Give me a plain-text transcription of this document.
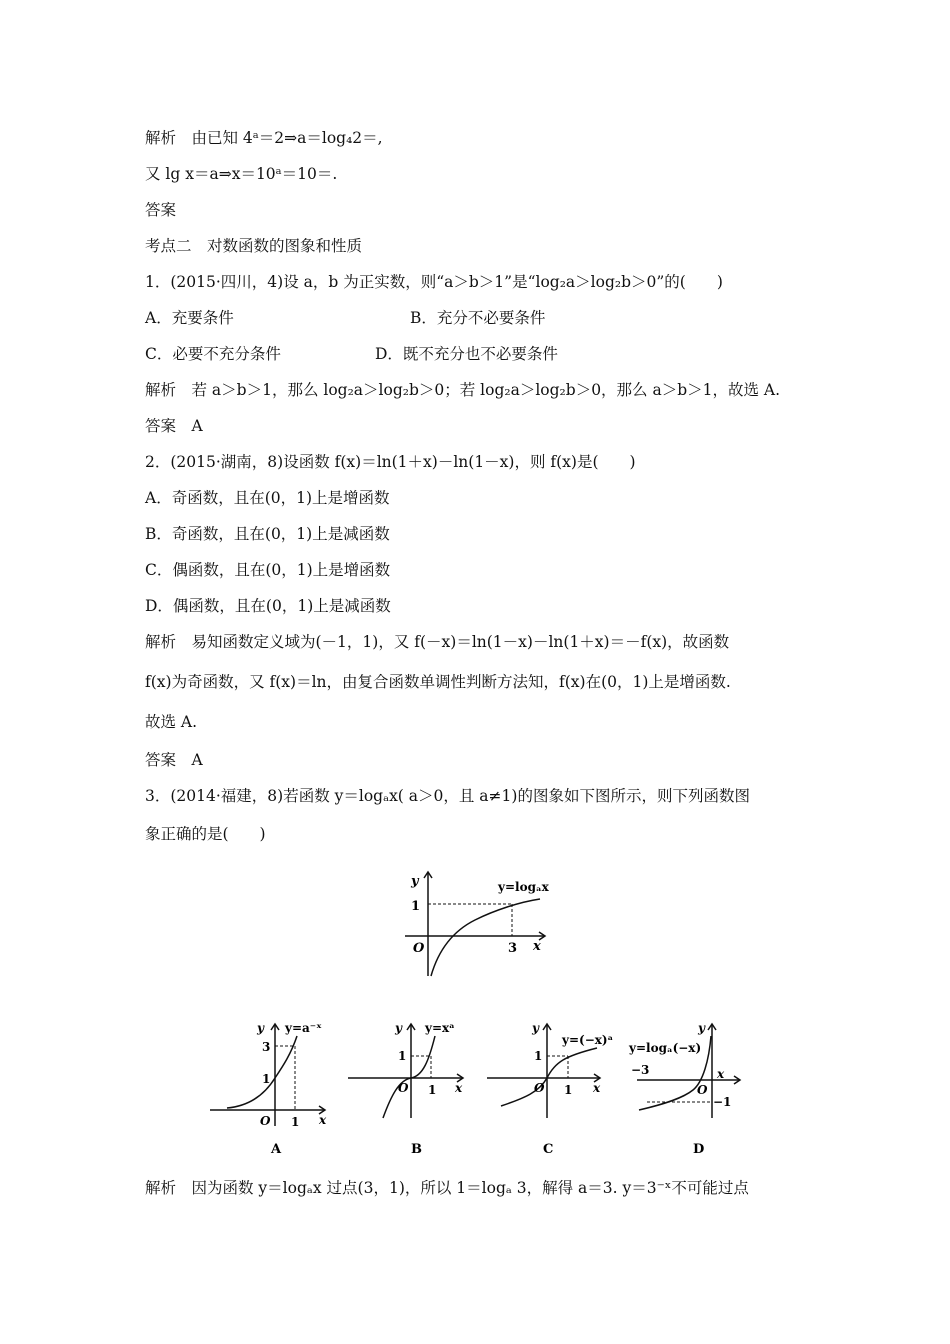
解析　由已知 4ᵃ＝2⇒a＝log₄2＝,
又 lg x＝a⇒x＝10ᵃ＝10＝.
答案
考点二　对数函数的图象和性质
1．(2015·四川，4)设 a，b 为正实数，则“a＞b＞1”是“log₂a＞log₂b＞0”的(　　)
A．充要条件	B．充分不必要条件
C．必要不充分条件	D．既不充分也不必要条件
解析　若 a＞b＞1，那么 log₂a＞log₂b＞0；若 log₂a＞log₂b＞0，那么 a＞b＞1，故选 A.
答案　A
2．(2015·湖南，8)设函数 f(x)＝ln(1＋x)－ln(1－x)，则 f(x)是(　　)
A．奇函数，且在(0，1)上是增函数
B．奇函数，且在(0，1)上是减函数
C．偶函数，且在(0，1)上是增函数
D．偶函数，且在(0，1)上是减函数
解析　易知函数定义域为(－1，1)，又 f(－x)＝ln(1－x)－ln(1＋x)＝－f(x)，故函数
f(x)为奇函数，又 f(x)＝ln，由复合函数单调性判断方法知，f(x)在(0，1)上是增函数.
故选 A.
答案　A
3．(2014·福建，8)若函数 y＝logₐx( a＞0，且 a≠1)的图象如下图所示，则下列函数图
象正确的是(　　)
y
1
O	3 x
y=logₐx
y y=a⁻ˣ
3
1
O 1 x
A
y y=xᵃ
1
O 1 x
B
y
y=(−x)ᵃ
1
O 1 x
C
y
y=logₐ(−x)
−3
O
−1
x
D
解析　因为函数 y＝logₐx 过点(3，1)，所以 1＝logₐ 3，解得 a＝3. y＝3⁻ˣ不可能过点
